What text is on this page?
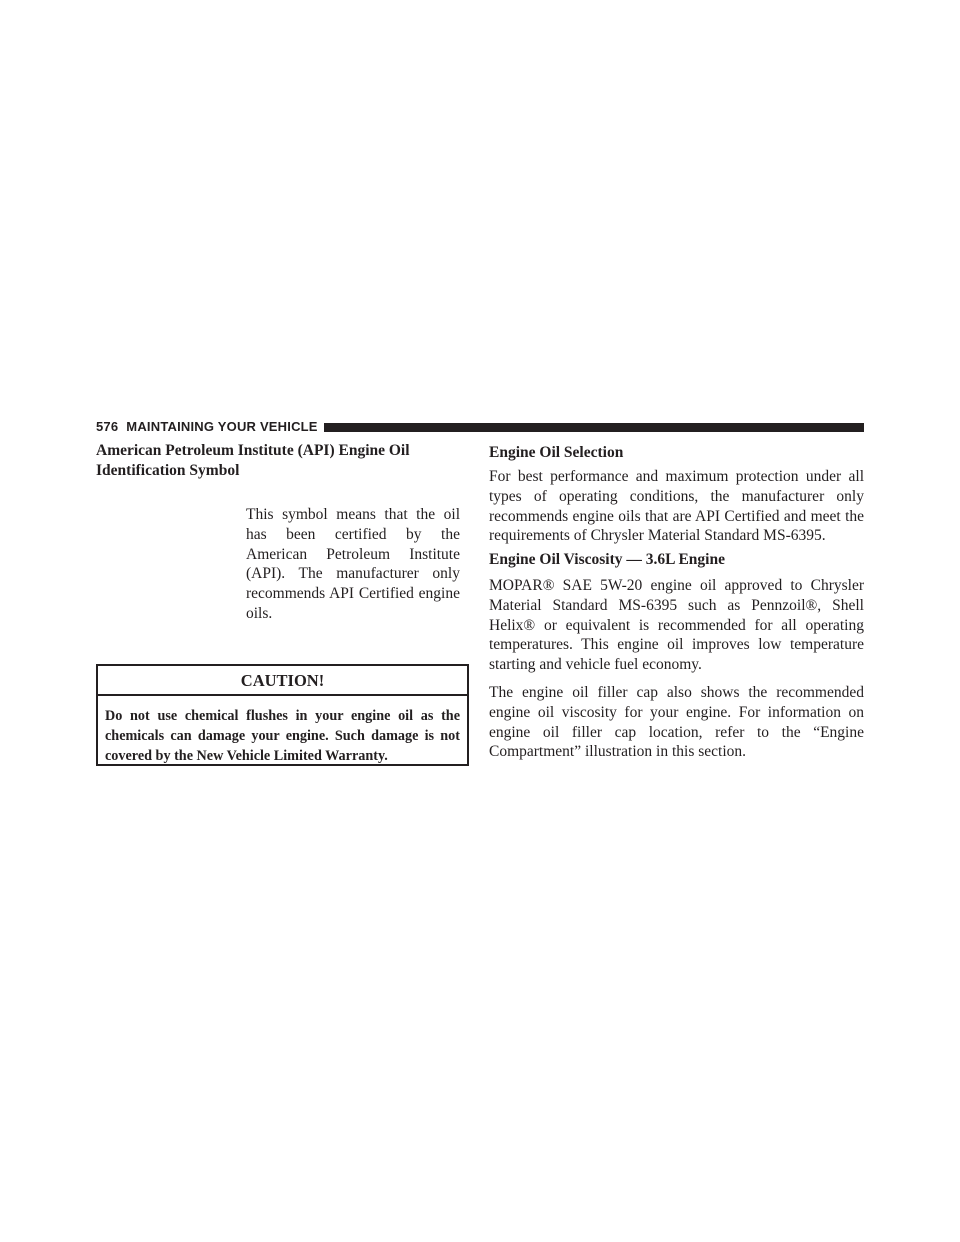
576 MAINTAINING YOUR VEHICLE
American Petroleum Institute (API) Engine Oil Identification Symbol

This symbol means that the oil has been certified by the American Petroleum Institute (API). The manufacturer only recommends API Certified engine oils.

CAUTION!
Do not use chemical flushes in your engine oil as the chemicals can damage your engine. Such damage is not covered by the New Vehicle Limited Warranty.
Engine Oil Selection

For best performance and maximum protection under all types of operating conditions, the manufacturer only recommends engine oils that are API Certified and meet the requirements of Chrysler Material Standard MS-6395.

Engine Oil Viscosity — 3.6L Engine

MOPAR® SAE 5W-20 engine oil approved to Chrysler Material Standard MS-6395 such as Pennzoil®, Shell Helix® or equivalent is recommended for all operating temperatures. This engine oil improves low temperature starting and vehicle fuel economy.

The engine oil filler cap also shows the recommended engine oil viscosity for your engine. For information on engine oil filler cap location, refer to the “Engine Compartment” illustration in this section.
